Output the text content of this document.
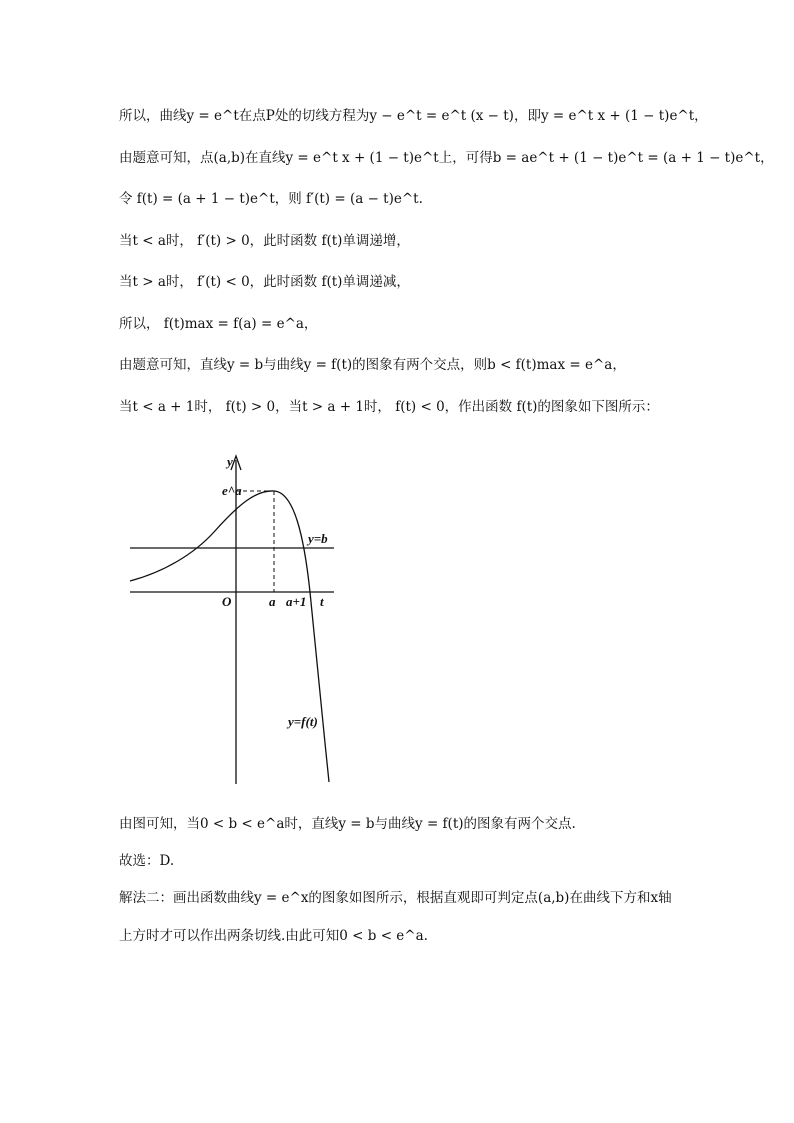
所以，曲线y = e^t在点P处的切线方程为y − e^t = e^t (x − t)，即y = e^t x + (1 − t)e^t，
由题意可知，点(a,b)在直线y = e^t x + (1 − t)e^t上，可得b = ae^t + (1 − t)e^t = (a + 1 − t)e^t，
令 f(t) = (a + 1 − t)e^t，则 f′(t) = (a − t)e^t.
当t < a时， f′(t) > 0，此时函数 f(t)单调递增，
当t > a时， f′(t) < 0，此时函数 f(t)单调递减，
所以， f(t)max = f(a) = e^a，
由题意可知，直线y = b与曲线y = f(t)的图象有两个交点，则b < f(t)max = e^a，
当t < a + 1时， f(t) > 0，当t > a + 1时， f(t) < 0，作出函数 f(t)的图象如下图所示：
y
t
O
e^a
a a+1
y=b
y=f(t)
由图可知，当0 < b < e^a时，直线y = b与曲线y = f(t)的图象有两个交点.
故选：D.
解法二：画出函数曲线y = e^x的图象如图所示，根据直观即可判定点(a,b)在曲线下方和x轴
上方时才可以作出两条切线.由此可知0 < b < e^a.
